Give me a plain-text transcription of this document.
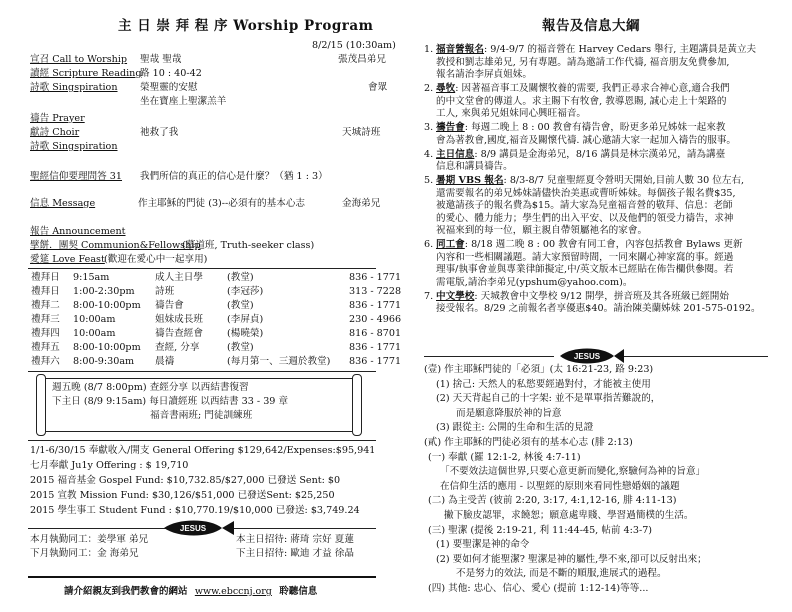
主 日 崇 拜 程 序 Worship Program
8/2/15 (10:30am)
宣召 Call to Worship 聖哉 聖哉	張茂昌弟兄
讀經 Scripture Reading
路 10 : 40-42
詩歌 Singspiration 榮聖靈的安慰	會眾
坐在寶座上聖潔羔羊
禱告 Prayer
獻詩 Choir	祂救了我	天城詩班
詩歌 Singspiration
聖經信仰要理問答 31 我們所信的真正的信心是什麼？（猶 1 : 3）
信息 Message	作主耶穌的門徒 (3)--必須有的基本心志	金海弟兄
報告 Announcement
擘餅．團契 Communion&Fellowship
(慕道班, Truth-seeker class)
愛筵 Love Feast (歡迎在愛心中一起享用)
禮拜日	9:15am	成人主日學	(教堂)	836 - 1771
禮拜日	1:00-2:30pm	詩班	(李冠莎)	313 - 7228
禮拜二	8:00-10:00pm	禱告會	(教堂)	836 - 1771
禮拜三	10:00am	姐妹成長班	(李屏貞)	230 - 4966
禮拜四	10:00am	禱告查經會	(楊曉榮)	816 - 8701
禮拜五	8:00-10:00pm	查經, 分享	(教堂)	836 - 1771
禮拜六	8:00-9:30am	晨禱	(每月第一、三週於教堂)	836 - 1771
週五晚 (8/7 8:00pm) 查經分享 以西結書復習
下主日 (8/9 9:15am) 每日讀經班 以西結書 33 - 39 章
福音書兩班; 門徒訓練班
1/1-6/30/15 奉獻收入/開支 General Offering $129,642/Expenses:$95,941
七月奉獻 Ju1y Offering : $ 19,710
2015 福音基金 Gospel Fund: $10,732.85/$27,000 已發送 Sent: $0
2015 宣教 Mission Fund: $30,126/$51,000 已發送Sent: $25,250
2015 學生事工 Student Fund : $10,770.19/$10,000 已發送: $3,749.24
JESUS
本月執勤同工：姜學軍 弟兄	本主日招待: 蔣琦 宗好 夏蓮
下月執勤同工：金 海弟兄	下主日招待: 歐迪 才益 徐晶
請介紹親友到我們教會的網站 www.ebccnj.org 聆聽信息
報告及信息大綱
1. 福音營報名: 9/4-9/7 的福音營在 Harvey Cedars 舉行, 主題講員是黃立夫
教授和劉志雄弟兄, 另有專題。請為邀請工作代禱, 福音朋友免費參加,
報名請治李屏貞姐妹。
2. 尋牧: 因著福音事工及關懷牧養的需要, 我們正尋求合神心意,適合我們
的中文堂會的傳道人。求主賜下有牧會, 教導恩賜, 誠心走上十架路的
工人, 來與弟兄姐妹同心興旺福音。
3. 禱告會: 每週二晚上 8 : 00 教會有禱告會，盼更多弟兄姊妹一起來教
會為著教會,國度,福音及關懷代禱. 誠心邀請大家一起加入禱告的服事。
4. 主日信息: 8/9 講員是金海弟兄，8/16 講員是林宗漢弟兄，請為講臺
信息和講員禱告。
5. 暑期 VBS 報名: 8/3-8/7 兒童聖經夏令營明天開始,目前人數 30 位左右,
還需要報名的弟兄姊妹請儘快治美惠或曹昕姊妹。每個孩子報名費$35,
被邀請孩子的報名費為$15。請大家為兒童福音營的敬拜、信息：老師
的愛心、體力能力；學生們的出入平安、以及他們的領受力禱告，求神
祝福來到的每一位，願主親自帶領屬祂名的家會。
6. 同工會: 8/18 週二晚 8 : 00 教會有同工會，內容包括教會 Bylaws 更新
內容和一些相關議題。請大家預留時間，一同來關心神家窩的事。經過
理事/執事會並與專業律師擬定,中/英文版本已經貼在佈告欄供參閱。若
需電版,請治李弟兄(ypshum@yahoo.com)。
7. 中文學校: 天城教會中文學校 9/12 開學，拼音班及其各班級已經開始
接受報名。8/29 之前報名者享優惠$40。請治陳美蘭姊妹 201-575-0192。
JESUS
(壹) 作主耶穌門徒的「必須」(太 16:21-23, 路 9:23)
(1) 捨己: 天然人的私慾要經過對付，才能被主使用
(2) 天天背起自己的十字架: 並不是單單指苦難說的，
而是願意降服於神的旨意
(3) 跟從主: 公開的生命和生活的見證
(貳) 作主耶穌的門徒必須有的基本心志 (腓 2:13)
(一) 奉獻 (羅 12:1-2, 林後 4:7-11)
「不要效法這個世界,只要心意更新而變化,察驗何為神的旨意」
在信仰生活的應用 - 以聖經的原則來看同性戀婚姻的議題
(二) 為主受苦 (彼前 2:20, 3:17, 4:1,12-16, 腓 4:11-13)
撇下臉皮認罪，求饒恕；願意處卑賤、學習過簡樸的生活。
(三) 聖潔 (提後 2:19-21, 利 11:44-45, 帖前 4:3-7)
(1) 要聖潔是神的命令
(2) 要如何才能聖潔? 聖潔是神的屬性,學不來,卻可以反射出來；
不是努力的效法, 而是不斷的順服,進展式的過程。
(四) 其他: 忠心、信心、愛心 (提前 1:12-14)等等...
